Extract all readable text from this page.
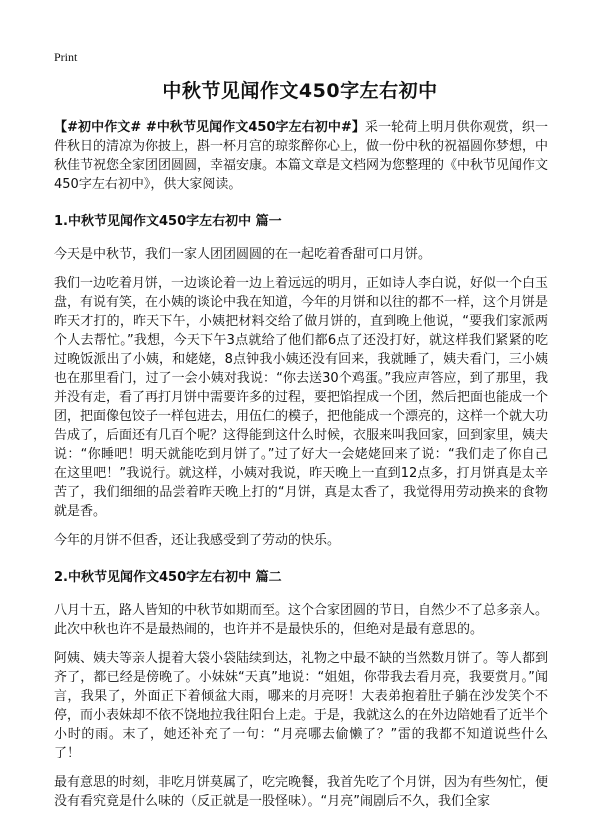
Print
中秋节见闻作文450字左右初中

【#初中作文# #中秋节见闻作文450字左右初中#】采一轮荷上明月供你观赏，织一件秋日的清凉为你披上，斟一杯月宫的琼浆醉你心上，做一份中秋的祝福圆你梦想，中秋佳节祝您全家团团圆圆，幸福安康。本篇文章是文档网为您整理的《中秋节见闻作文450字左右初中》，供大家阅读。

1.中秋节见闻作文450字左右初中 篇一

今天是中秋节，我们一家人团团圆圆的在一起吃着香甜可口月饼。

我们一边吃着月饼，一边谈论着一边上着远远的明月，正如诗人李白说，好似一个白玉盘，有说有笑，在小姨的谈论中我在知道，今年的月饼和以往的都不一样，这个月饼是昨天才打的，昨天下午，小姨把材料交给了做月饼的，直到晚上他说，“要我们家派两个人去帮忙。”我想，今天下午3点就给了他们都6点了还没打好，就这样我们紧紧的吃过晚饭派出了小姨，和姥姥，8点钟我小姨还没有回来，我就睡了，姨夫看门，三小姨也在那里看门，过了一会小姨对我说：“你去送30个鸡蛋。”我应声答应，到了那里，我并没有走，看了再打月饼中需要许多的过程，要把馅捏成一个团，然后把面也能成一个团，把面像包饺子一样包进去，用伍仁的模子，把他能成一个漂亮的，这样一个就大功告成了，后面还有几百个呢？这得能到这什么时候，衣服来叫我回家，回到家里，姨夫说：“你睡吧！明天就能吃到月饼了。”过了好大一会姥姥回来了说：“我们走了你自己在这里吧！”我说行。就这样，小姨对我说，昨天晚上一直到12点多，打月饼真是太辛苦了，我们细细的品尝着昨天晚上打的“月饼，真是太香了，我觉得用劳动换来的食物就是香。

今年的月饼不但香，还让我感受到了劳动的快乐。

2.中秋节见闻作文450字左右初中 篇二

八月十五，路人皆知的中秋节如期而至。这个合家团圆的节日，自然少不了总多亲人。此次中秋也许不是最热闹的，也许并不是最快乐的，但绝对是最有意思的。

阿姨、姨夫等亲人提着大袋小袋陆续到达，礼物之中最不缺的当然数月饼了。等人都到齐了，都已经是傍晚了。小妹妹“天真”地说：“姐姐，你带我去看月亮，我要赏月。”闻言，我果了，外面正下着倾盆大雨，哪来的月亮呀！大表弟抱着肚子躺在沙发笑个不停，而小表妹却不依不饶地拉我往阳台上走。于是，我就这么的在外边陪她看了近半个小时的雨。末了，她还补充了一句：“月亮哪去偷懒了？”雷的我都不知道说些什么了！

最有意思的时刻，非吃月饼莫属了，吃完晚餐，我首先吃了个月饼，因为有些匆忙，便没有看究竟是什么味的（反正就是一股怪味）。“月亮”闹剧后不久，我们全家
